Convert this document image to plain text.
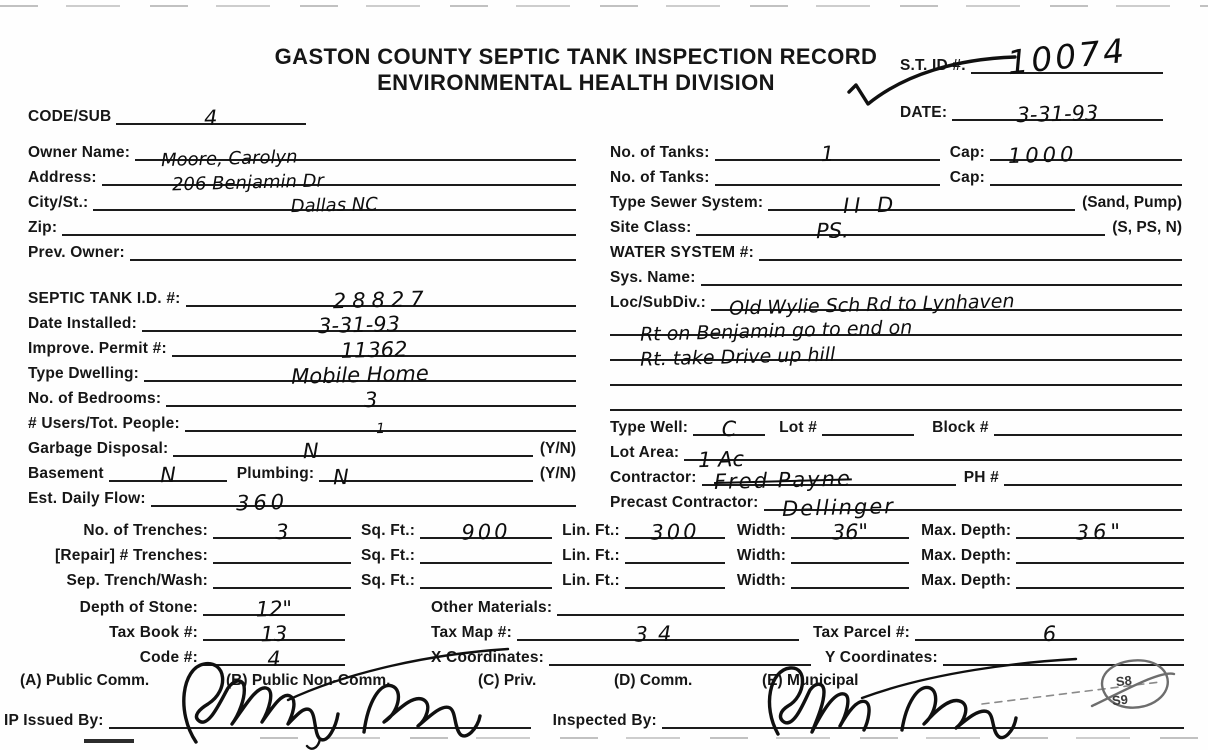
GASTON COUNTY SEPTIC TANK INSPECTION RECORD
ENVIRONMENTAL HEALTH DIVISION
S.T. ID #.	10074
DATE:	3-31-93
CODE/SUB	4
Owner Name:	Moore, Carolyn
Address:	206 Benjamin Dr
City/St.:	Dallas NC
Zip:
Prev. Owner:
SEPTIC TANK I.D. #:	28827
Date Installed:	3-31-93
Improve. Permit #:	11362
Type Dwelling:	Mobile Home
No. of Bedrooms:	3
# Users/Tot. People:	1
Garbage Disposal:	N	(Y/N)
Basement	N	Plumbing: N	(Y/N)
Est. Daily Flow:	360
No. of Tanks:	1	Cap:	1000
No. of Tanks:	Cap:
Type Sewer System:	II D	(Sand, Pump)
Site Class:	PS.	(S, PS, N)
WATER SYSTEM #:
Sys. Name:
Loc/SubDiv.:	Old Wylie Sch Rd to Lynhaven
Rt on Benjamin go to end on
Rt. take Drive up hill
Type Well:	C	Lot #	Block #
Lot Area: 1 Ac
Contractor: Fred Payne	PH #
Precast Contractor:	Dellinger
No. of Trenches:	3	Sq. Ft.:	900	Lin. Ft.:	300	Width:	36"	Max. Depth:	36"
[Repair] # Trenches:	Sq. Ft.:	Lin. Ft.:	Width:	Max. Depth:
Sep. Trench/Wash:	Sq. Ft.:	Lin. Ft.:	Width:	Max. Depth:
Depth of Stone:	12"	Other Materials:
Tax Book #:	13	Tax Map #:	34	Tax Parcel #:	6
Code #:	4	X Coordinates:	Y Coordinates:
(A) Public Comm.	(B) Public Non-Comm.	(C) Priv.	(D) Comm.	(E) Municipal
IP Issued By:	Inspected By:
S8
S9
